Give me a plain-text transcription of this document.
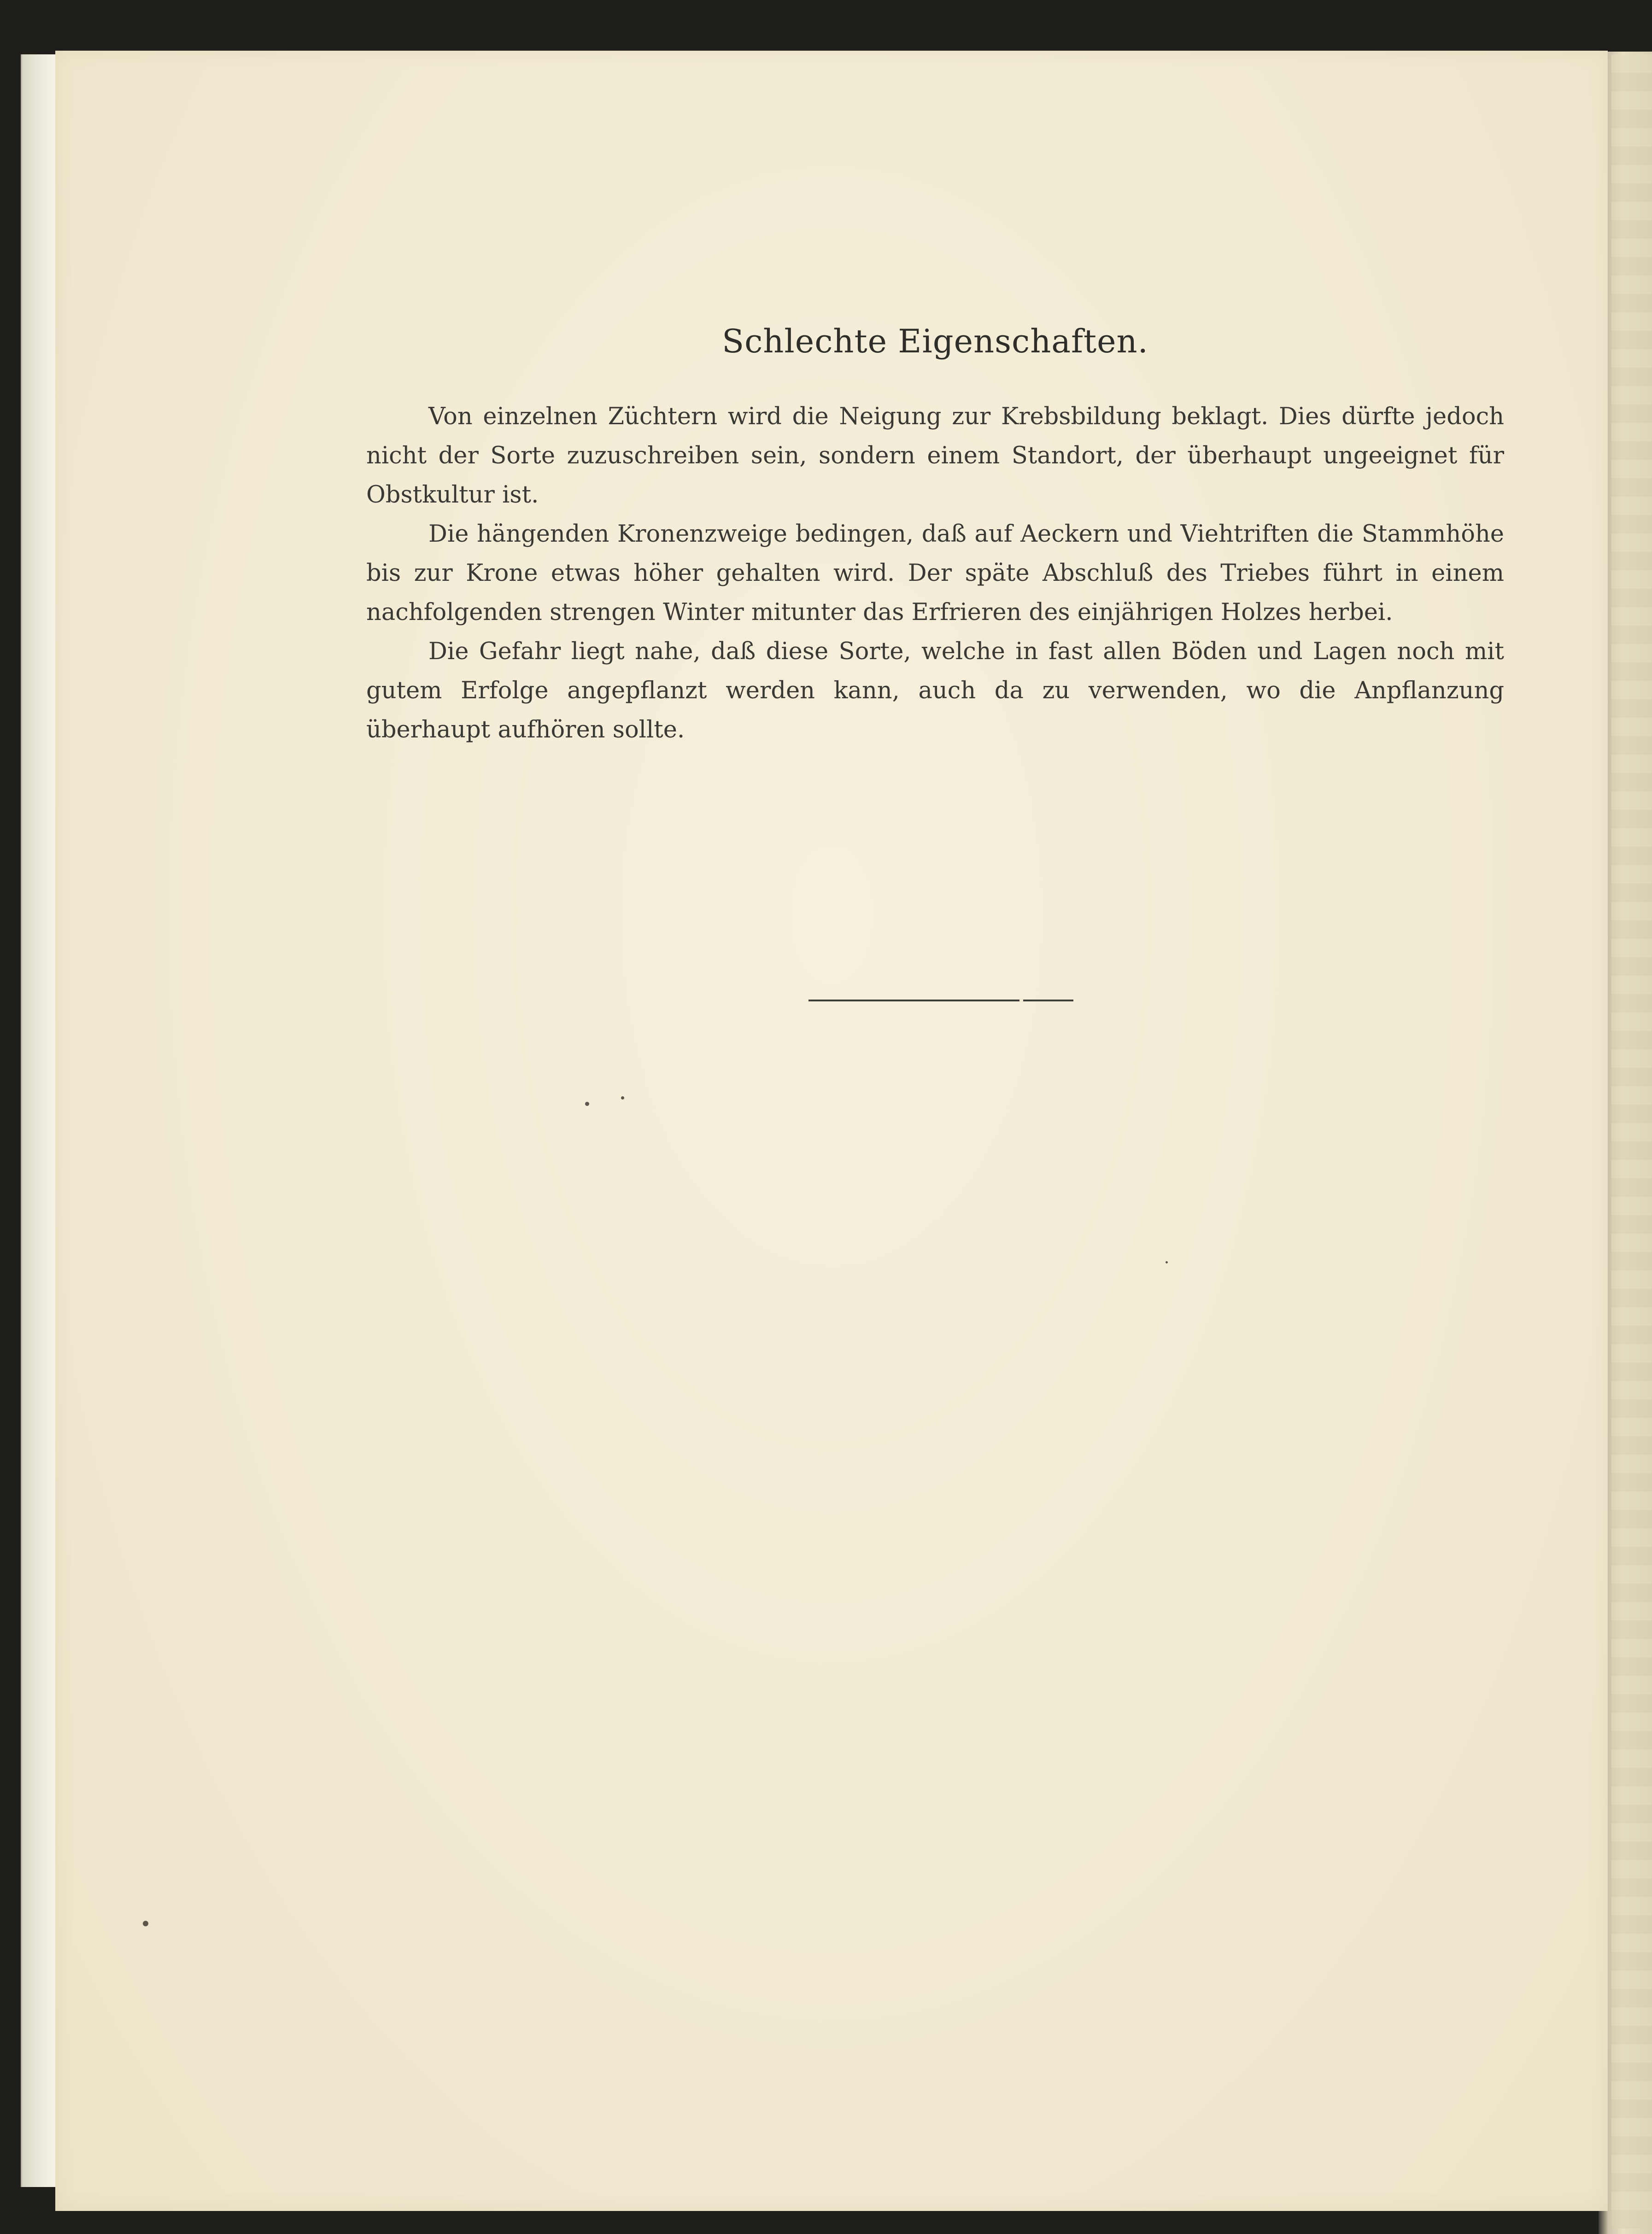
Schlechte Eigenschaften.

Von einzelnen Züchtern wird die Neigung zur Krebsbildung beklagt. Dies dürfte jedoch nicht der Sorte zuzuschreiben sein, sondern einem Standort, der überhaupt ungeeignet für Obstkultur ist.

Die hängenden Kronenzweige bedingen, daß auf Aeckern und Viehtriften die Stammhöhe bis zur Krone etwas höher gehalten wird. Der späte Abschluß des Triebes führt in einem nachfolgenden strengen Winter mitunter das Erfrieren des einjährigen Holzes herbei.

Die Gefahr liegt nahe, daß diese Sorte, welche in fast allen Böden und Lagen noch mit gutem Erfolge angepflanzt werden kann, auch da zu verwenden, wo die Anpflanzung überhaupt aufhören sollte.
